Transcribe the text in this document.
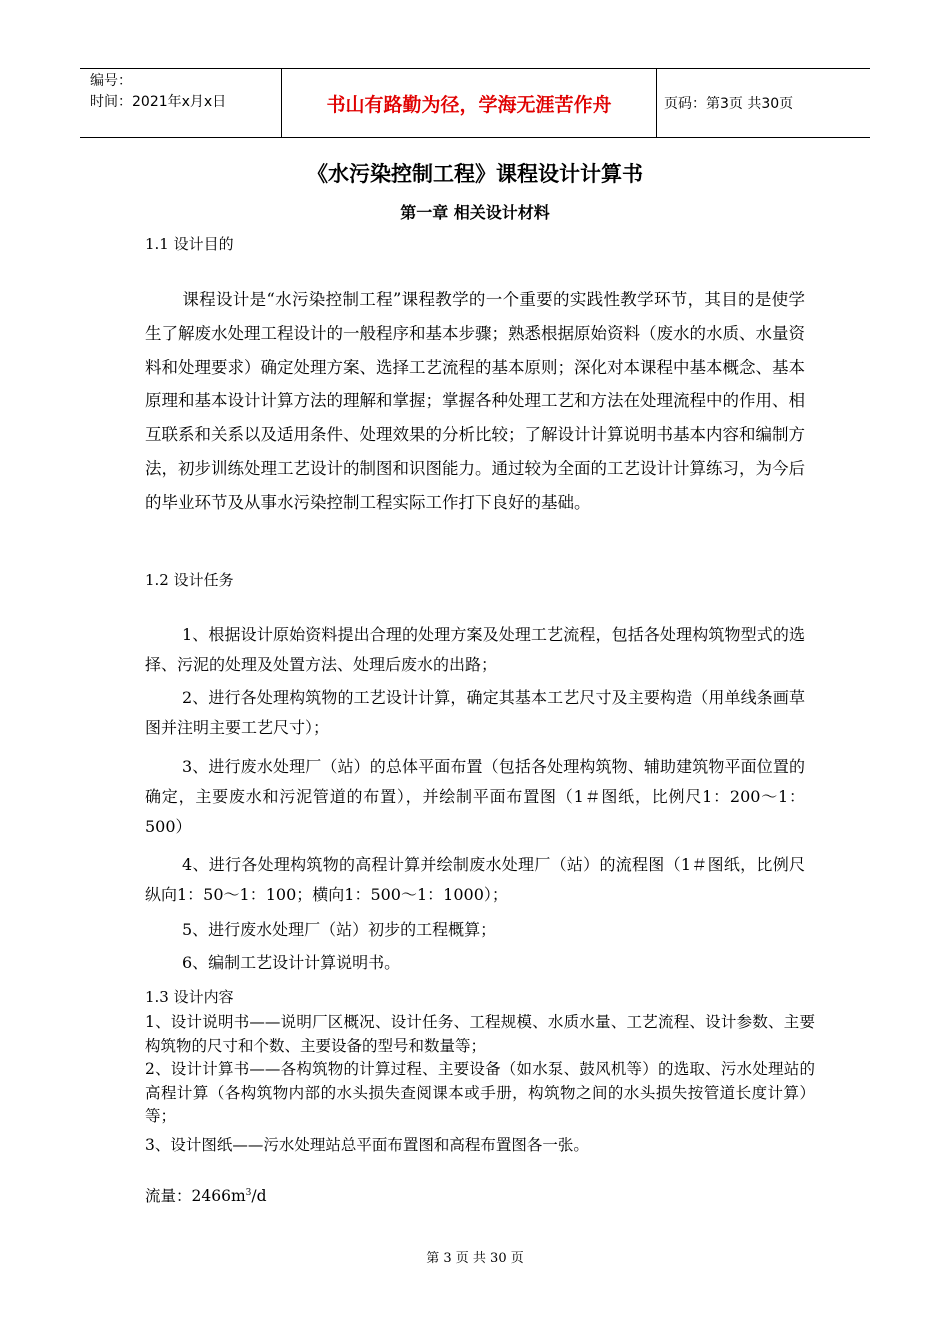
编号：
时间：2021年x月x日	书山有路勤为径，学海无涯苦作舟	页码：第3页 共30页
《水污染控制工程》课程设计计算书
第一章 相关设计材料
1.1 设计目的

课程设计是“水污染控制工程”课程教学的一个重要的实践性教学环节，其目的是使学生了解废水处理工程设计的一般程序和基本步骤；熟悉根据原始资料（废水的水质、水量资料和处理要求）确定处理方案、选择工艺流程的基本原则；深化对本课程中基本概念、基本原理和基本设计计算方法的理解和掌握；掌握各种处理工艺和方法在处理流程中的作用、相互联系和关系以及适用条件、处理效果的分析比较；了解设计计算说明书基本内容和编制方法，初步训练处理工艺设计的制图和识图能力。通过较为全面的工艺设计计算练习，为今后的毕业环节及从事水污染控制工程实际工作打下良好的基础。

1.2 设计任务

1、根据设计原始资料提出合理的处理方案及处理工艺流程，包括各处理构筑物型式的选择、污泥的处理及处置方法、处理后废水的出路；

2、进行各处理构筑物的工艺设计计算，确定其基本工艺尺寸及主要构造（用单线条画草图并注明主要工艺尺寸）；

3、进行废水处理厂（站）的总体平面布置（包括各处理构筑物、辅助建筑物平面位置的确定，主要废水和污泥管道的布置），并绘制平面布置图（1＃图纸，比例尺1：200～1：500）

4、进行各处理构筑物的高程计算并绘制废水处理厂（站）的流程图（1＃图纸，比例尺纵向1：50～1：100；横向1：500～1：1000）；

5、进行废水处理厂（站）初步的工程概算；

6、编制工艺设计计算说明书。

1.3 设计内容

1、设计说明书——说明厂区概况、设计任务、工程规模、水质水量、工艺流程、设计参数、主要构筑物的尺寸和个数、主要设备的型号和数量等；

2、设计计算书——各构筑物的计算过程、主要设备（如水泵、鼓风机等）的选取、污水处理站的高程计算（各构筑物内部的水头损失查阅课本或手册，构筑物之间的水头损失按管道长度计算）等；

3、设计图纸——污水处理站总平面布置图和高程布置图各一张。

流量：$2466m^3/d$
第 3 页 共 30 页
